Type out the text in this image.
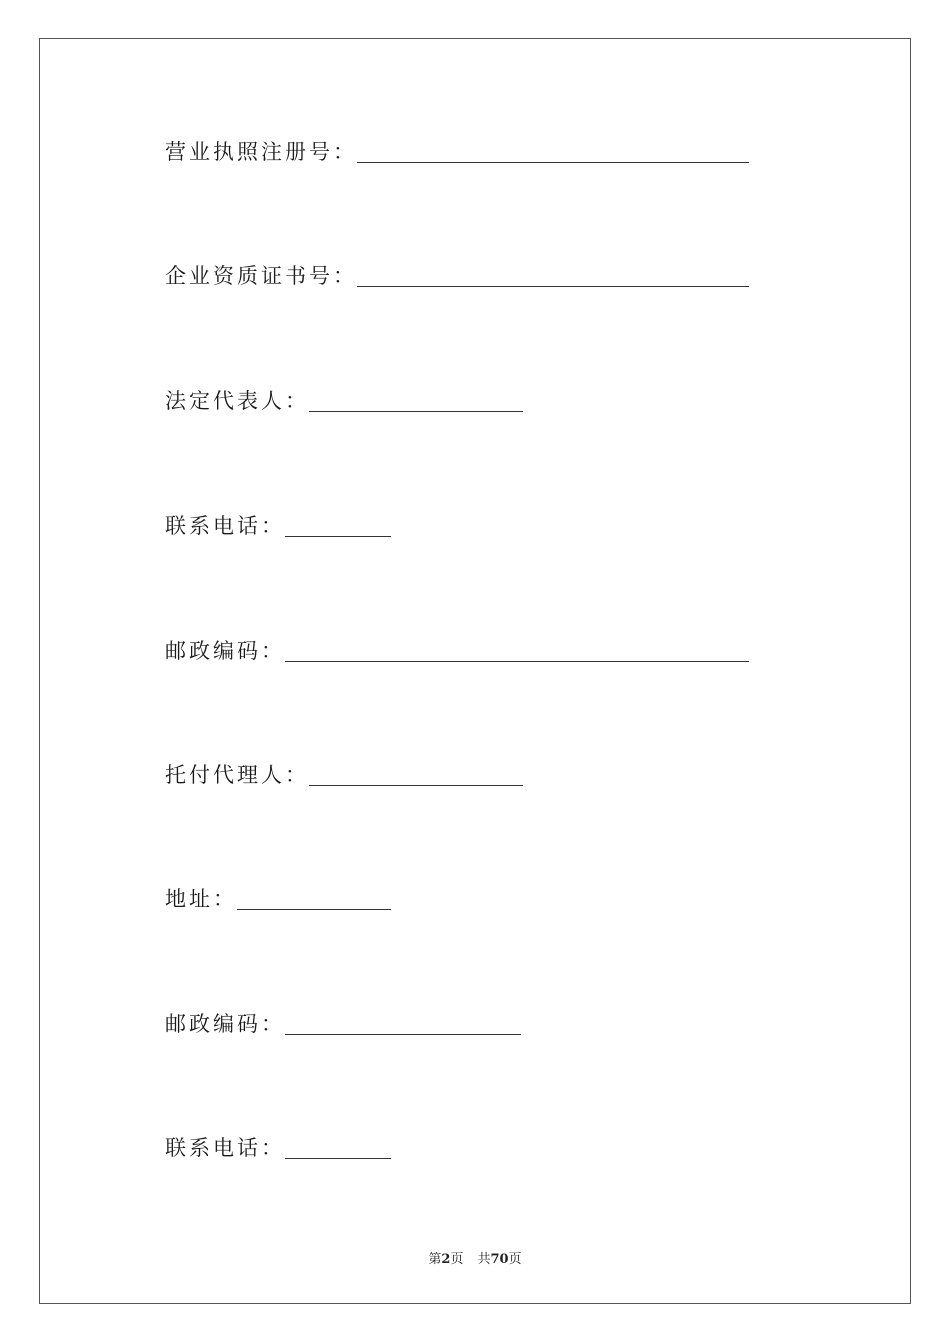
营业执照注册号：
企业资质证书号：
法定代表人：
联系电话：
邮政编码：
托付代理人：
地址：
邮政编码：
联系电话：
第2页 共70页
